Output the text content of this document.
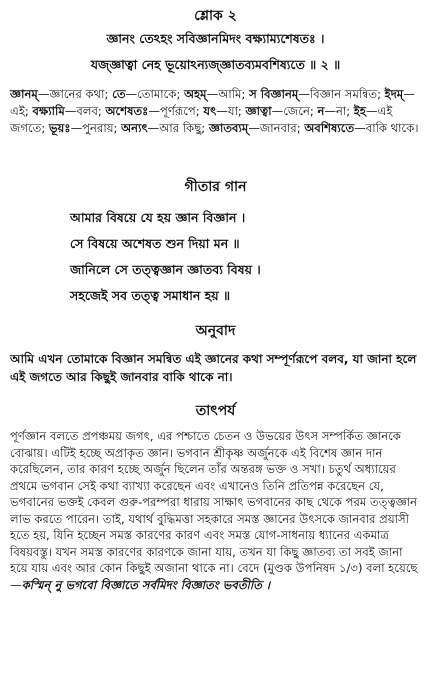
শ্লোক ২
জ্ঞানং তেঽহং সবিজ্ঞানমিদং বক্ষ্যাম্যশেষতঃ ।
যজ্জ্ঞাত্বা নেহ ভূয়োঽন্যজ্জ্ঞাতব্যমবশিষ্যতে ॥ ২ ॥
জ্ঞানম্—জ্ঞানের কথা; তে—তোমাকে; অহম্—আমি; স বিজ্ঞানম্—বিজ্ঞান সমন্বিত; ইদম্—এই; বক্ষ্যামি—বলব; অশেষতঃ—পূর্ণরূপে; যৎ—যা; জ্ঞাত্বা—জেনে; ন—না; ইহ—এই জগতে; ভূয়ঃ—পুনরায়; অন্যৎ—আর কিছু; জ্ঞাতব্যম্—জানবার; অবশিষ্যতে—বাকি থাকে।
গীতার গান
আমার বিষয়ে যে হয় জ্ঞান বিজ্ঞান ।
সে বিষয়ে অশেষত শুন দিয়া মন ॥
জানিলে সে তত্ত্বজ্ঞান জ্ঞাতব্য বিষয় ।
সহজেই সব তত্ত্ব সমাধান হয় ॥
অনুবাদ
আমি এখন তোমাকে বিজ্ঞান সমন্বিত এই জ্ঞানের কথা সম্পূর্ণরূপে বলব, যা জানা হলে এই জগতে আর কিছুই জানবার বাকি থাকে না।
তাৎপর্য
পূর্ণজ্ঞান বলতে প্রপঞ্চময় জগৎ, এর পশ্চাতে চেতন ও উভয়ের উৎস সম্পর্কিত জ্ঞানকে বোঝায়। এটিই হচ্ছে অপ্রাকৃত জ্ঞান। ভগবান শ্রীকৃষ্ণ অর্জুনকে এই বিশেষ জ্ঞান দান করেছিলেন, তার কারণ হচ্ছে অর্জুন ছিলেন তাঁর অন্তরঙ্গ ভক্ত ও সখা। চতুর্থ অধ্যায়ের প্রথমে ভগবান সেই কথা ব্যাখ্যা করেছেন এবং এখানেও তিনি প্রতিপন্ন করেছেন যে, ভগবানের ভক্তই কেবল গুরু-পরম্পরা ধারায় সাক্ষাৎ ভগবানের কাছ থেকে পরম তত্ত্বজ্ঞান লাভ করতে পারেন। তাই, যথার্থ বুদ্ধিমত্তা সহকারে সমস্ত জ্ঞানের উৎসকে জানবার প্রয়াসী হতে হয়, যিনি হচ্ছেন সমস্ত কারণের কারণ এবং সমস্ত যোগ-সাধনায় ধ্যানের একমাত্র বিষয়বস্তু। যখন সমস্ত কারণের কারণকে জানা যায়, তখন যা কিছু জ্ঞাতব্য তা সবই জানা হয়ে যায় এবং আর কোন কিছুই অজানা থাকে না। বেদে (মুণ্ডক উপনিষদ ১/৩) বলা হয়েছে—কস্মিন্ নু ভগবো বিজ্ঞাতে সর্বমিদং বিজ্ঞাতং ভবতীতি ।
